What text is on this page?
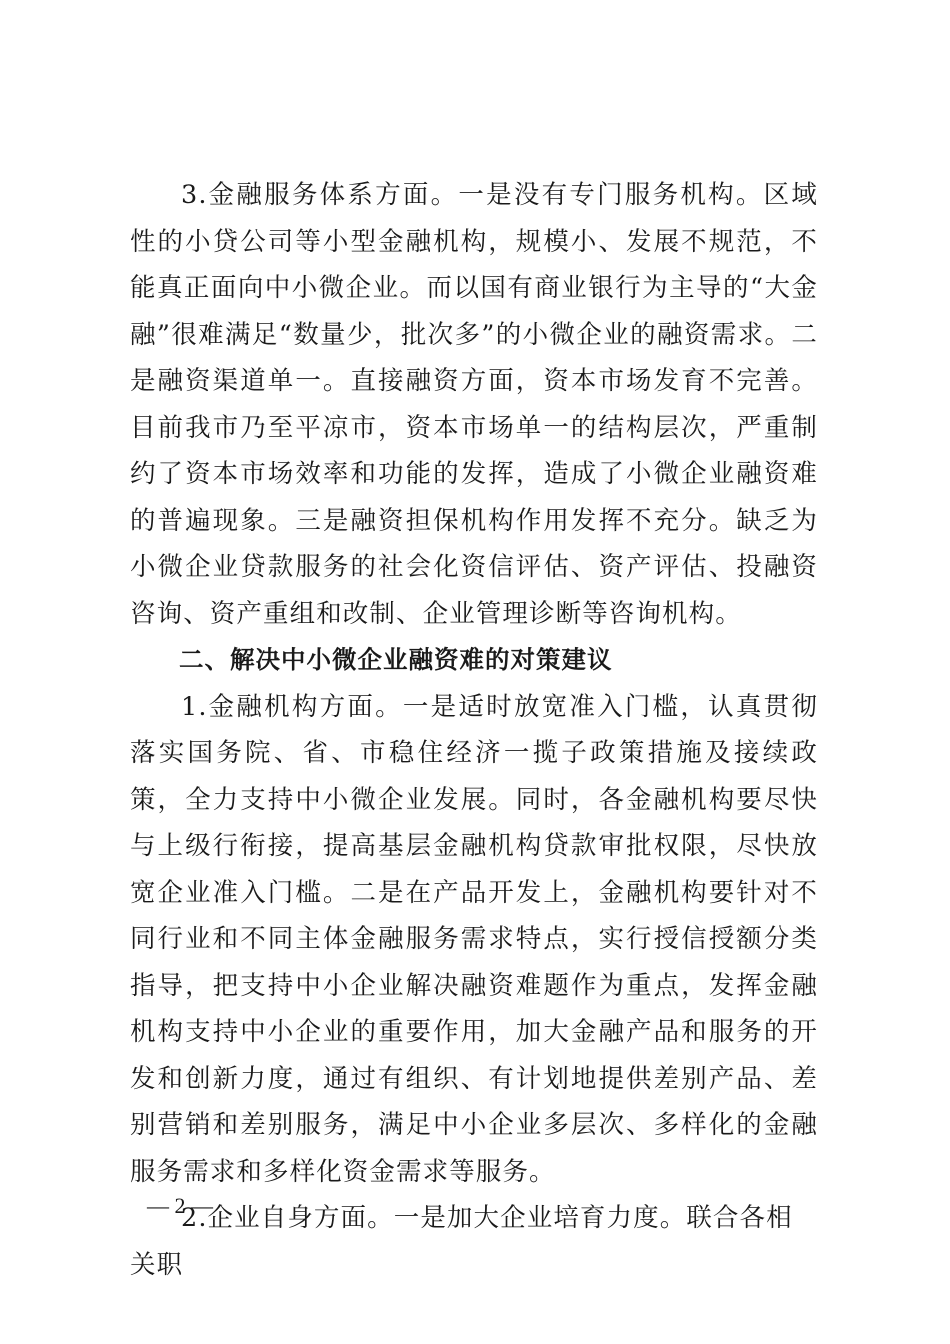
3.金融服务体系方面。一是没有专门服务机构。区域性的小贷公司等小型金融机构，规模小、发展不规范，不能真正面向中小微企业。而以国有商业银行为主导的“大金融”很难满足“数量少，批次多”的小微企业的融资需求。二是融资渠道单一。直接融资方面，资本市场发育不完善。目前我市乃至平凉市，资本市场单一的结构层次，严重制约了资本市场效率和功能的发挥，造成了小微企业融资难的普遍现象。三是融资担保机构作用发挥不充分。缺乏为小微企业贷款服务的社会化资信评估、资产评估、投融资咨询、资产重组和改制、企业管理诊断等咨询机构。

二、解决中小微企业融资难的对策建议

1.金融机构方面。一是适时放宽准入门槛，认真贯彻落实国务院、省、市稳住经济一揽子政策措施及接续政策，全力支持中小微企业发展。同时，各金融机构要尽快与上级行衔接，提高基层金融机构贷款审批权限，尽快放宽企业准入门槛。二是在产品开发上，金融机构要针对不同行业和不同主体金融服务需求特点，实行授信授额分类指导，把支持中小企业解决融资难题作为重点，发挥金融机构支持中小企业的重要作用，加大金融产品和服务的开发和创新力度，通过有组织、有计划地提供差别产品、差别营销和差别服务，满足中小企业多层次、多样化的金融服务需求和多样化资金需求等服务。

2.企业自身方面。一是加大企业培育力度。联合各相关职

— 2 —
